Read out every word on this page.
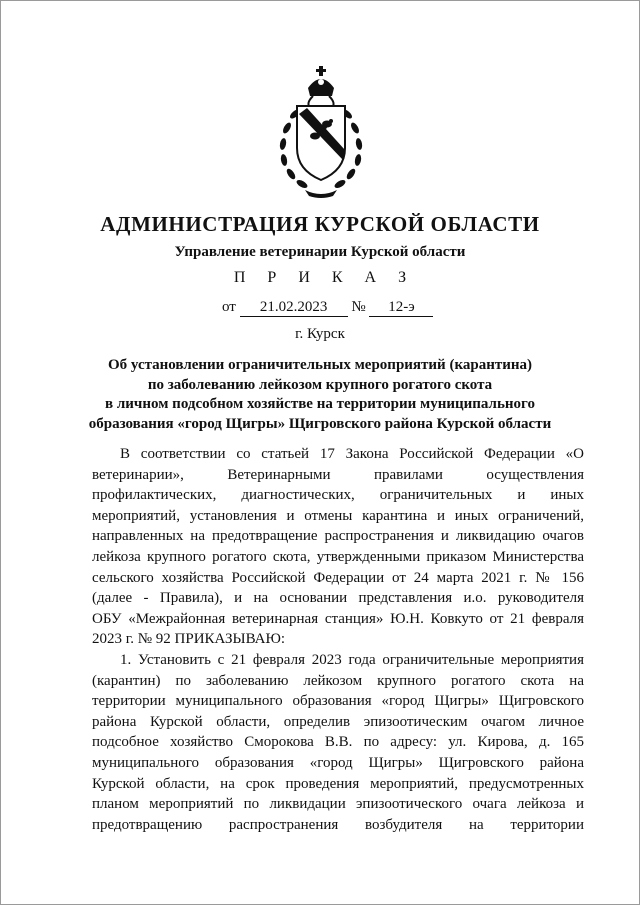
АДМИНИСТРАЦИЯ КУРСКОЙ ОБЛАСТИ
Управление ветеринарии Курской области
П Р И К А З
от 21.02.2023 № 12-э
г. Курск
Об установлении ограничительных мероприятий (карантина)
по заболеванию лейкозом крупного рогатого скота
в личном подсобном хозяйстве на территории муниципального
образования «город Щигры» Щигровского района Курской области
В соответствии со статьей 17 Закона Российской Федерации «О
ветеринарии», Ветеринарными правилами осуществления
профилактических, диагностических, ограничительных и иных
мероприятий, установления и отмены карантина и иных ограничений,
направленных на предотвращение распространения и ликвидацию очагов
лейкоза крупного рогатого скота, утвержденными приказом Министерства
сельского хозяйства Российской Федерации от 24 марта 2021 г. № 156
(далее - Правила), и на основании представления и.о. руководителя
ОБУ «Межрайонная ветеринарная станция» Ю.Н. Ковкуто от 21 февраля
2023 г. № 92 ПРИКАЗЫВАЮ:
1. Установить с 21 февраля 2023 года ограничительные мероприятия
(карантин) по заболеванию лейкозом крупного рогатого скота на
территории муниципального образования «город Щигры» Щигровского
района Курской области, определив эпизоотическим очагом личное
подсобное хозяйство Сморокова В.В. по адресу: ул. Кирова, д. 165
муниципального образования «город Щигры» Щигровского района
Курской области, на срок проведения мероприятий, предусмотренных
планом мероприятий по ликвидации эпизоотического очага лейкоза и
предотвращению распространения возбудителя на территории
